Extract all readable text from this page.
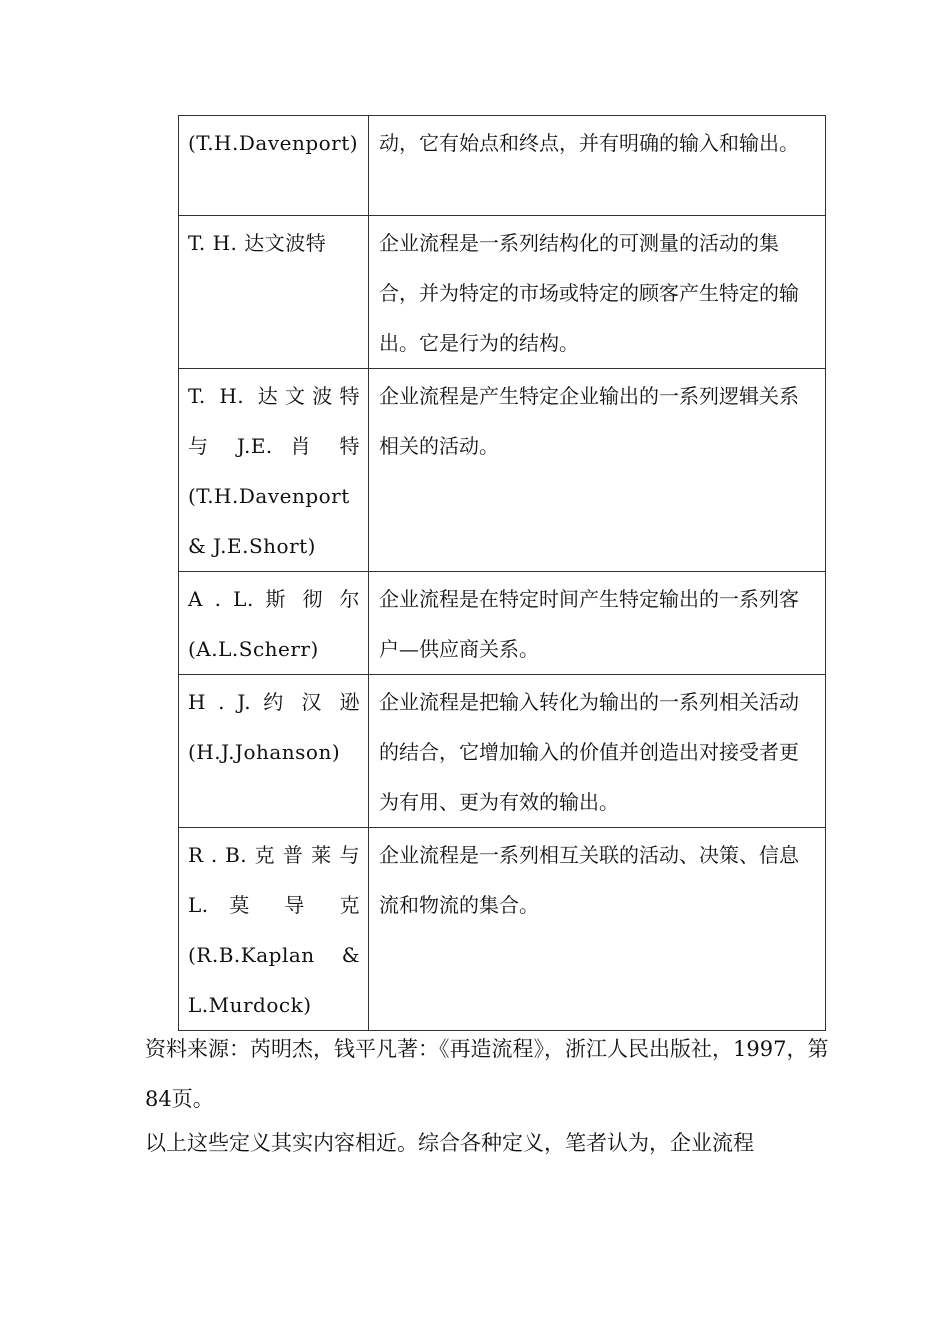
(T.H.Davenport)	动，它有始点和终点，并有明确的输入和输出。

T. H. 达文波特	企业流程是一系列结构化的可测量的活动的集合，并为特定的市场或特定的顾客产生特定的输出。它是行为的结构。

T. H. 达文波特
与 J.E. 肖 特
(T.H.Davenport
& J.E.Short)	企业流程是产生特定企业输出的一系列逻辑关系相关的活动。

A . L. 斯 彻 尔
(A.L.Scherr)	企业流程是在特定时间产生特定输出的一系列客户—供应商关系。

H . J. 约 汉 逊
(H.J.Johanson)	企业流程是把输入转化为输出的一系列相关活动的结合，它增加输入的价值并创造出对接受者更为有用、更为有效的输出。

R . B. 克 普 莱 与
L. 莫 导 克
(R.B.Kaplan &
L.Murdock)	企业流程是一系列相互关联的活动、决策、信息流和物流的集合。
资料来源：芮明杰，钱平凡著：《再造流程》，浙江人民出版社，1997，第84页。
以上这些定义其实内容相近。综合各种定义，笔者认为，企业流程
